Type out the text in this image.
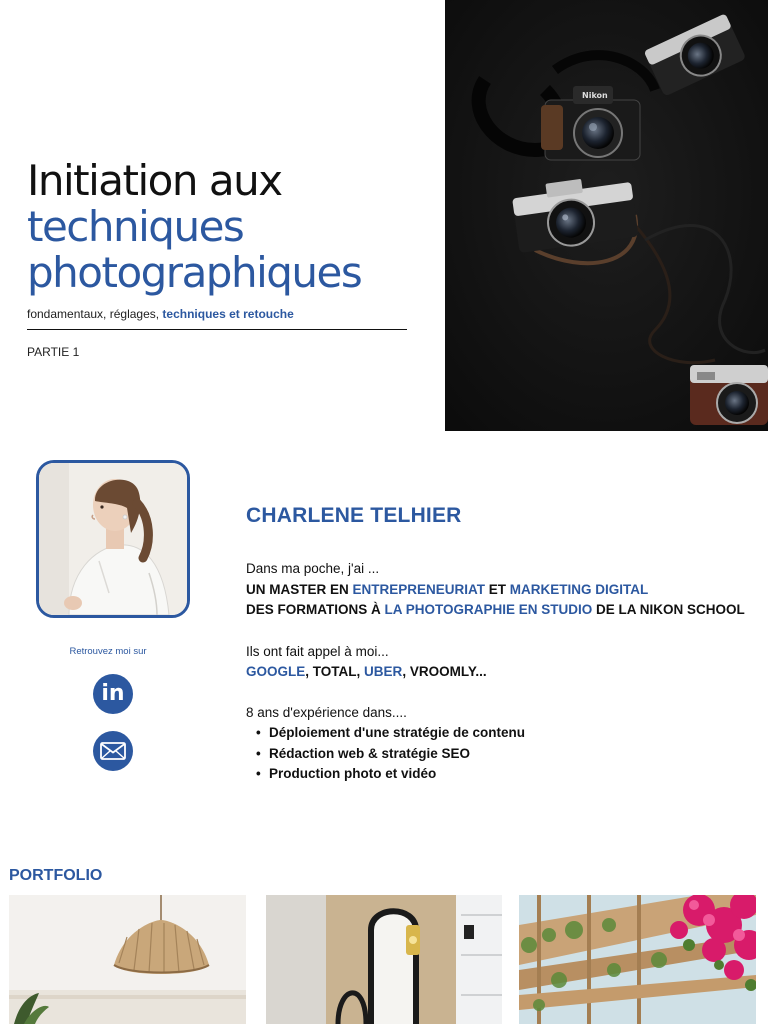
Initiation aux
techniques
photographiques
fondamentaux, réglages, techniques et retouche
PARTIE 1
Nikon
Retrouvez moi sur
in
CHARLENE TELHIER
Dans ma poche, j'ai ...
UN MASTER EN ENTREPRENEURIAT ET MARKETING DIGITAL
DES FORMATIONS À LA PHOTOGRAPHIE EN STUDIO DE LA NIKON SCHOOL
Ils ont fait appel à moi...
GOOGLE, TOTAL, UBER, VROOMLY...
8 ans d'expérience dans....
• Déploiement d'une stratégie de contenu
• Rédaction web & stratégie SEO
• Production photo et vidéo
PORTFOLIO
